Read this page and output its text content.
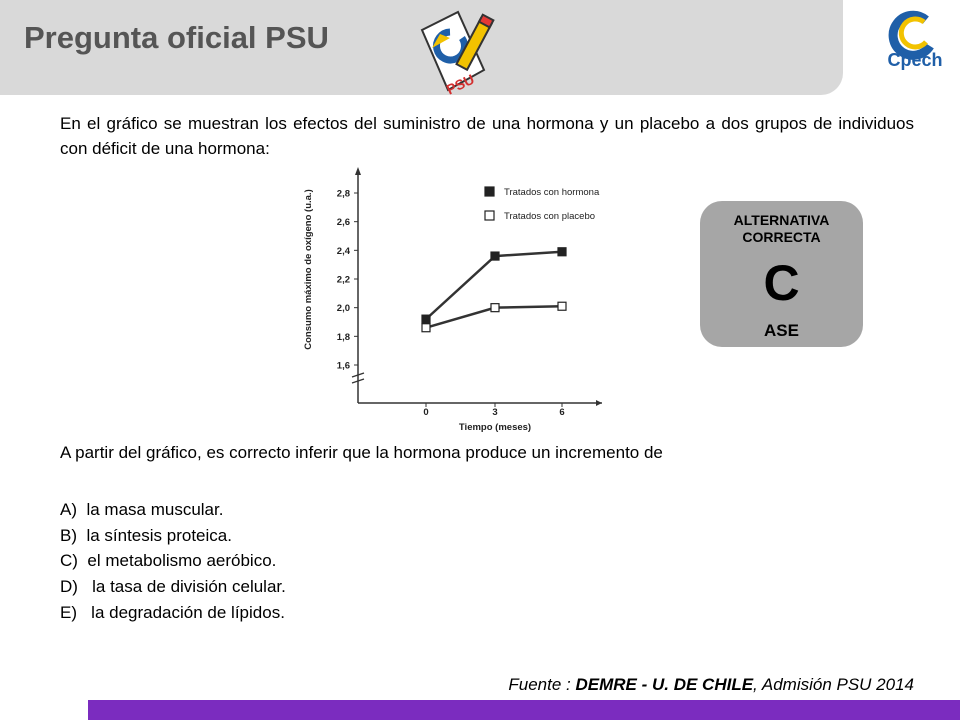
Pregunta oficial PSU
PSU
Cpech
En el gráfico se muestran los efectos del suministro de una hormona y un placebo a dos grupos de individuos con déficit de una hormona:
1,6
1,8
2,0
2,2
2,4
2,6
2,8
0	3	6
Tratados con hormona
Tratados con placebo
Consumo máximo de oxígeno (u.a.)
Tiempo (meses)
ALTERNATIVA
CORRECTA
C
ASE
A partir del gráfico, es correcto inferir que la hormona produce un incremento de
A)
la masa muscular.
B)
la síntesis proteica.
C)
el metabolismo aeróbico.
D)
la tasa de división celular.
E)
la degradación de lípidos.
Fuente : DEMRE - U. DE CHILE, Admisión PSU 2014
